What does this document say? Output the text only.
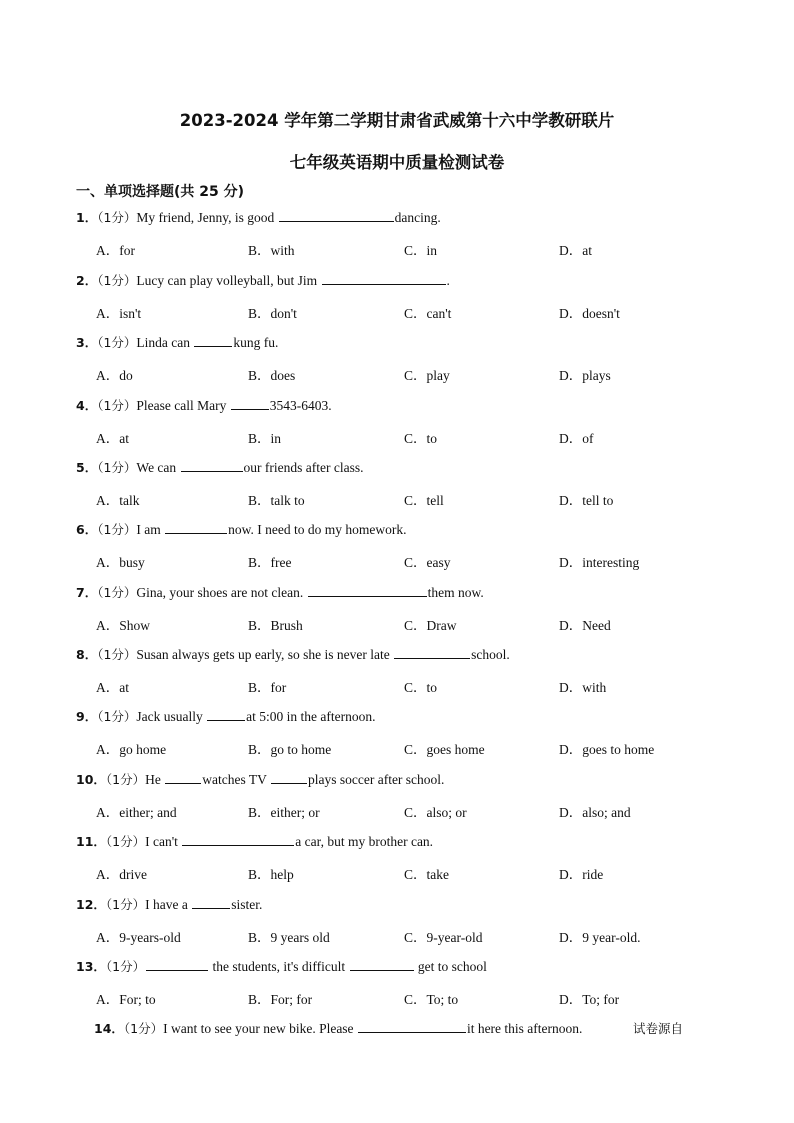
2023-2024 学年第二学期甘肃省武威第十六中学教研联片
七年级英语期中质量检测试卷
一、单项选择题(共 25 分)
1．（1分）My friend, Jenny, is good	dancing.
A．for	B．with	C．in	D．at
2．（1分）Lucy can play volleyball, but Jim	.
A．isn't	B．don't	C．can't	D．doesn't
3．（1分）Linda can	kung fu.
A．do	B．does	C．play	D．plays
4．（1分）Please call Mary	3543-6403.
A．at	B．in	C．to	D．of
5．（1分）We can	our friends after class.
A．talk	B．talk to	C．tell	D．tell to
6．（1分）I am	now. I need to do my homework.
A．busy	B．free	C．easy	D．interesting
7．（1分）Gina, your shoes are not clean.	them now.
A．Show	B．Brush	C．Draw	D．Need
8．（1分）Susan always gets up early, so she is never late	school.
A．at	B．for	C．to	D．with
9．（1分）Jack usually	at 5:00 in the afternoon.
A．go home	B．go to home	C．goes home	D．goes to home
10．（1分）He	watches TV	plays soccer after school.
A．either; and	B．either; or	C．also; or	D．also; and
11．（1分）I can't	a car, but my brother can.
A．drive	B．help	C．take	D．ride
12．（1分）I have a	sister.
A．9-years-old	B．9 years old	C．9-year-old	D．9 year-old.
13．（1分）	the students, it's difficult	get to school
A．For; to	B．For; for	C．To; to	D．To; for
14．（1分）I want to see your new bike. Please	it here this afternoon.	试卷源自
